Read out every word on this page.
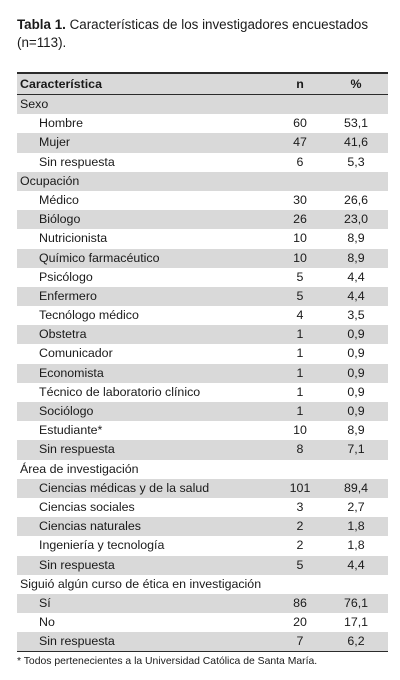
Tabla 1. Características de los investigadores encuestados (n=113).
Característica	n	%
Sexo
Hombre	60	53,1
Mujer	47	41,6
Sin respuesta	6	5,3
Ocupación
Médico	30	26,6
Biólogo	26	23,0
Nutricionista	10	8,9
Químico farmacéutico	10	8,9
Psicólogo	5	4,4
Enfermero	5	4,4
Tecnólogo médico	4	3,5
Obstetra	1	0,9
Comunicador	1	0,9
Economista	1	0,9
Técnico de laboratorio clínico	1	0,9
Sociólogo	1	0,9
Estudiante*	10	8,9
Sin respuesta	8	7,1
Área de investigación
Ciencias médicas y de la salud	101	89,4
Ciencias sociales	3	2,7
Ciencias naturales	2	1,8
Ingeniería y tecnología	2	1,8
Sin respuesta	5	4,4
Siguió algún curso de ética en investigación
Sí	86	76,1
No	20	17,1
Sin respuesta	7	6,2
* Todos pertenecientes a la Universidad Católica de Santa María.
